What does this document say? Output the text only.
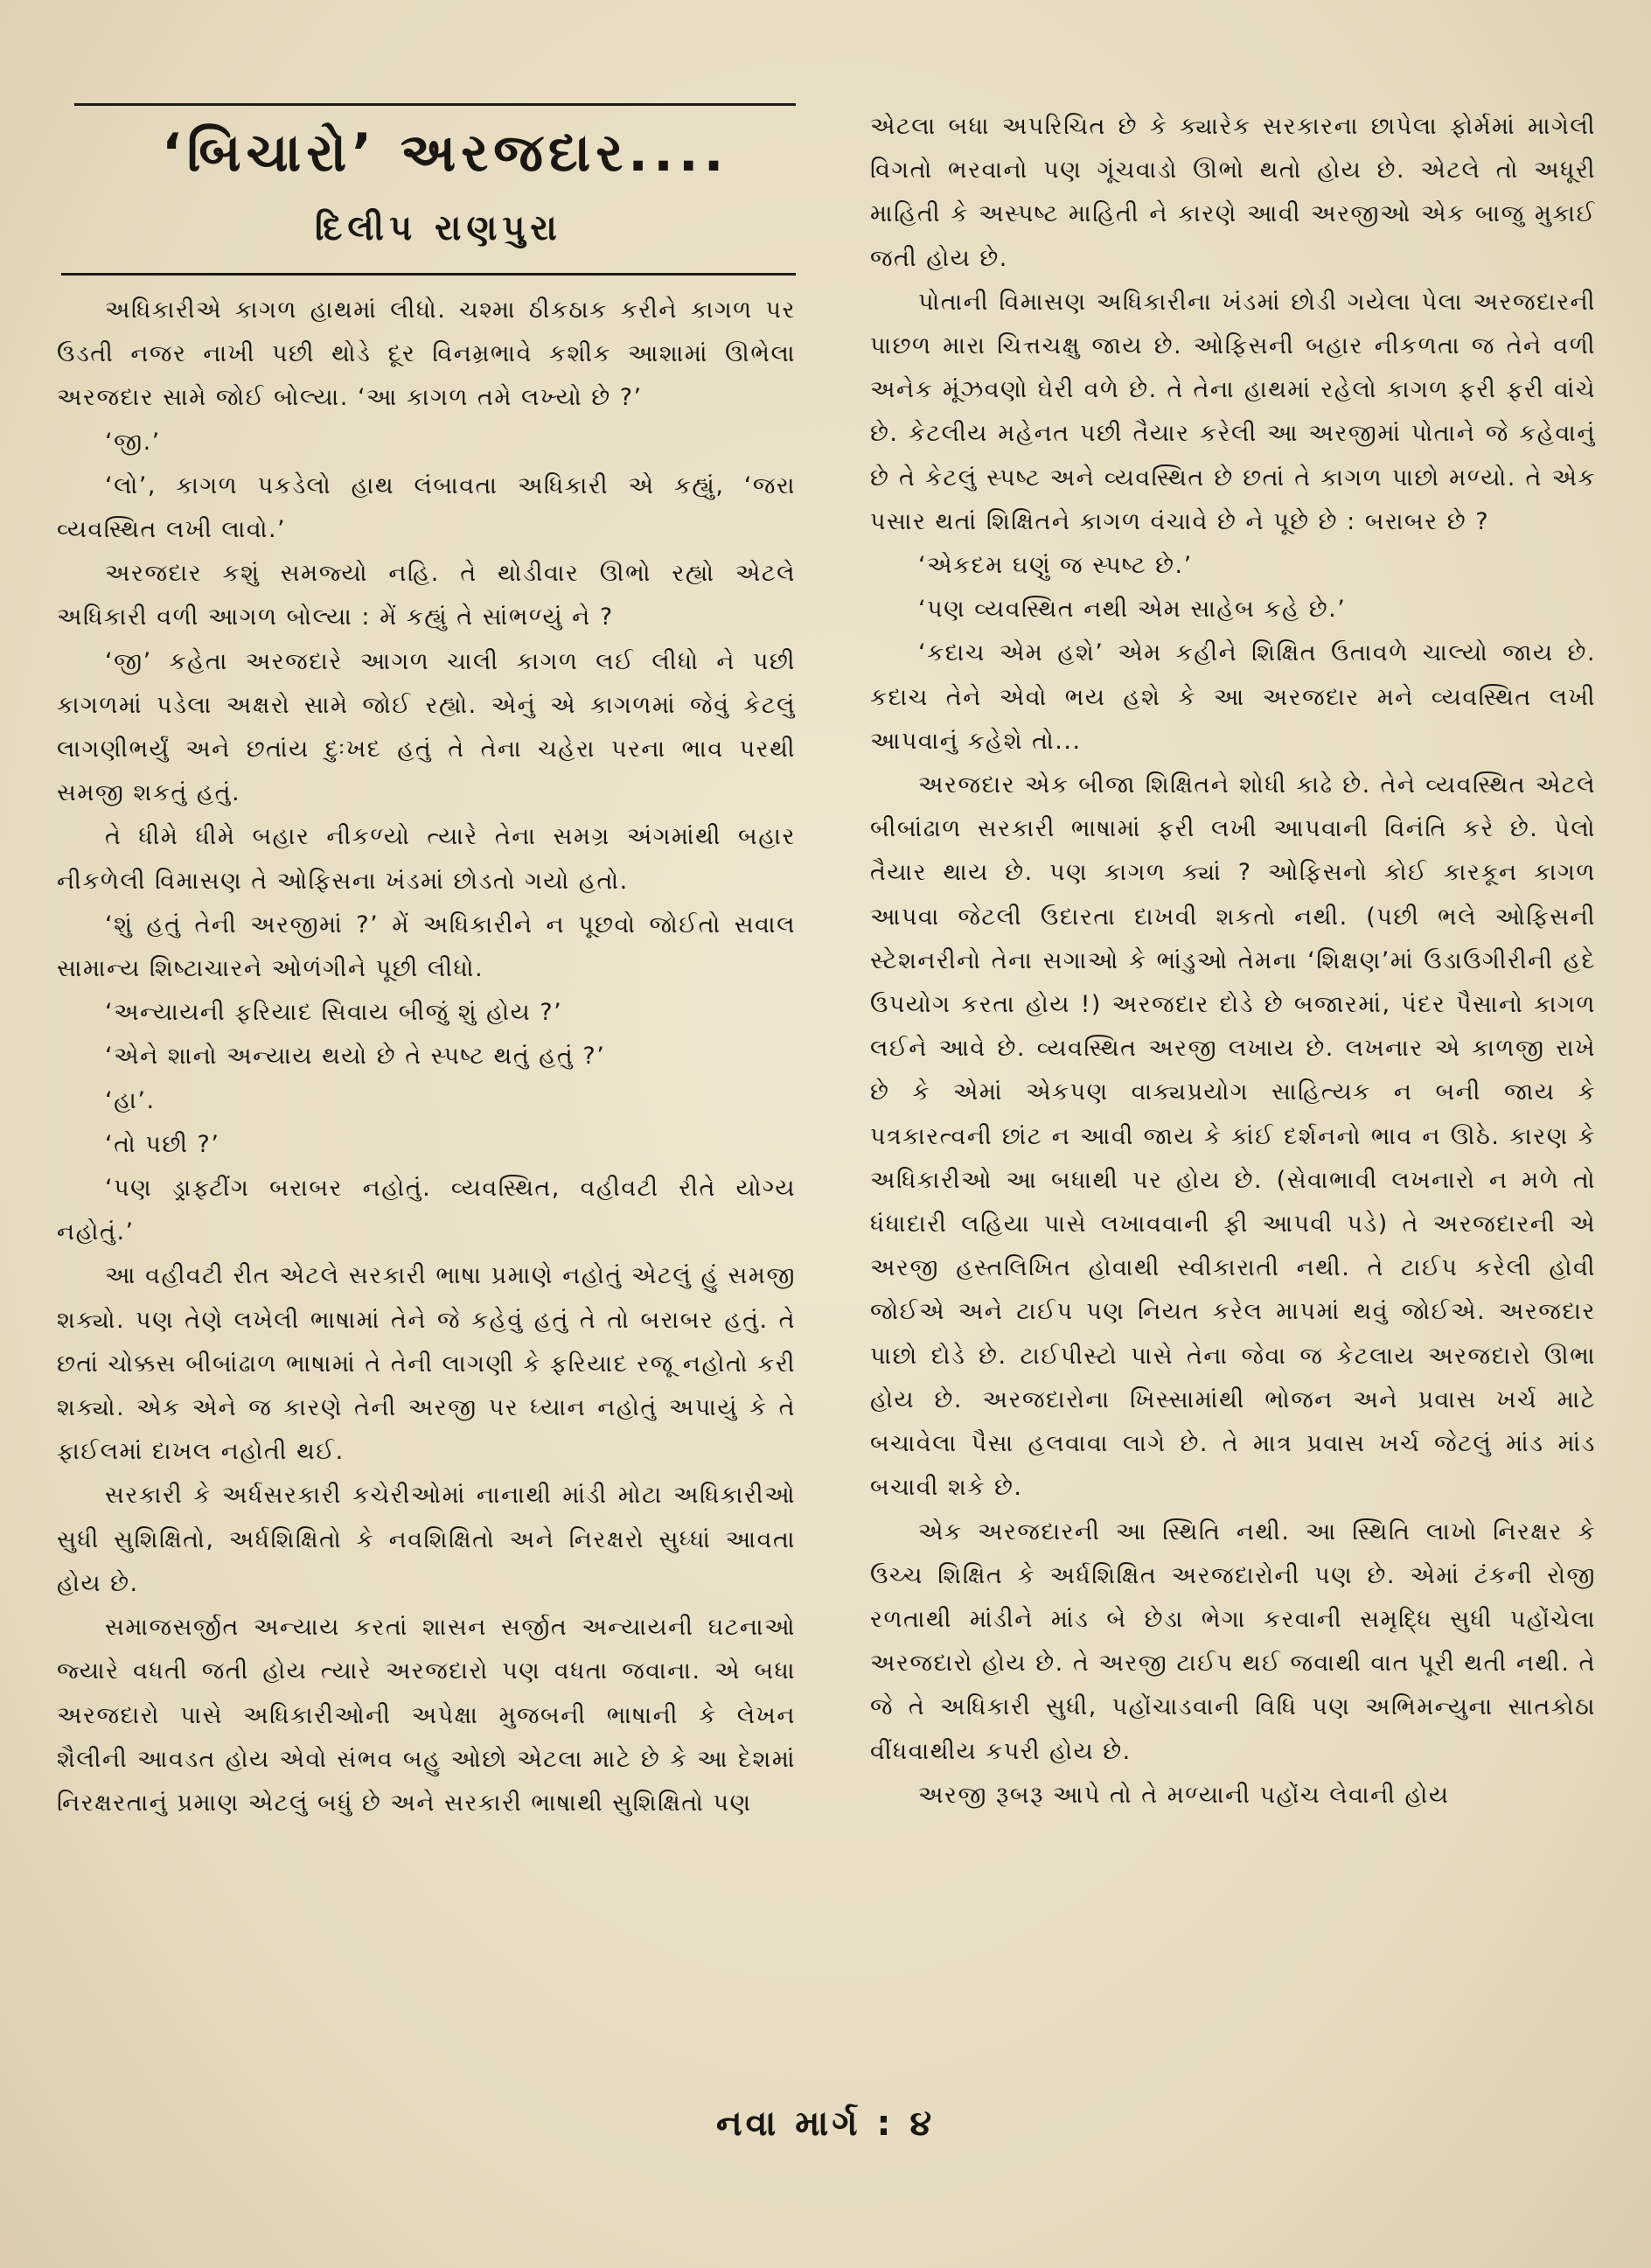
‘બિચારો’ અરજદાર....
દિલીપ રાણપુરા

અધિકારીએ કાગળ હાથમાં લીધો. ચશ્મા ઠીકઠાક કરીને કાગળ પર ઉડતી નજર નાખી પછી થોડે દૂર વિનમ્રભાવે કશીક આશામાં ઊભેલા અરજદાર સામે જોઈ બોલ્યા. ‘આ કાગળ તમે લખ્યો છે ?’

‘જી.’

‘લો’, કાગળ પકડેલો હાથ લંબાવતા અધિકારી એ કહ્યું, ‘જરા વ્યવસ્થિત લખી લાવો.’

અરજદાર કશું સમજ્યો નહિ. તે થોડીવાર ઊભો રહ્યો એટલે અધિકારી વળી આગળ બોલ્યા : મેં કહ્યું તે સાંભળ્યું ને ?

‘જી’ કહેતા અરજદારે આગળ ચાલી કાગળ લઈ લીધો ને પછી કાગળમાં પડેલા અક્ષરો સામે જોઈ રહ્યો. એનું એ કાગળમાં જેવું કેટલું લાગણીભર્યું અને છતાંય દુઃખદ હતું તે તેના ચહેરા પરના ભાવ પરથી સમજી શકતું હતું.

તે ધીમે ધીમે બહાર નીકળ્યો ત્યારે તેના સમગ્ર અંગમાંથી બહાર નીકળેલી વિમાસણ તે ઓફિસના ખંડમાં છોડતો ગયો હતો.

‘શું હતું તેની અરજીમાં ?’ મેં અધિકારીને ન પૂછવો જોઈતો સવાલ સામાન્ય શિષ્ટાચારને ઓળંગીને પૂછી લીધો.

‘અન્યાયની ફરિયાદ સિવાય બીજું શું હોય ?’

‘એને શાનો અન્યાય થયો છે તે સ્પષ્ટ થતું હતું ?’

‘હા’.

‘તો પછી ?’

‘પણ ડ્રાફ્ટીંગ બરાબર નહોતું. વ્યવસ્થિત, વહીવટી રીતે યોગ્ય નહોતું.’

આ વહીવટી રીત એટલે સરકારી ભાષા પ્રમાણે નહોતું એટલું હું સમજી શક્યો. પણ તેણે લખેલી ભાષામાં તેને જે કહેવું હતું તે તો બરાબર હતું. તે છતાં ચોક્કસ બીબાંઢાળ ભાષામાં તે તેની લાગણી કે ફરિયાદ રજૂ નહોતો કરી શક્યો. એક એને જ કારણે તેની અરજી પર ધ્યાન નહોતું અપાયું કે તે ફાઈલમાં દાખલ નહોતી થઈ.

સરકારી કે અર્ધસરકારી કચેરીઓમાં નાનાથી માંડી મોટા અધિકારીઓ સુધી સુશિક્ષિતો, અર્ધશિક્ષિતો કે નવશિક્ષિતો અને નિરક્ષરો સુધ્ધાં આવતા હોય છે.

સમાજસર્જીત અન્યાય કરતાં શાસન સર્જીત અન્યાયની ઘટનાઓ જ્યારે વધતી જતી હોય ત્યારે અરજદારો પણ વધતા જવાના. એ બધા અરજદારો પાસે અધિકારીઓની અપેક્ષા મુજબની ભાષાની કે લેખન શૈલીની આવડત હોય એવો સંભવ બહુ ઓછો એટલા માટે છે કે આ દેશમાં નિરક્ષરતાનું પ્રમાણ એટલું બધું છે અને સરકારી ભાષાથી સુશિક્ષિતો પણ

એટલા બધા અપરિચિત છે કે ક્યારેક સરકારના છાપેલા ફોર્મમાં માગેલી વિગતો ભરવાનો પણ ગૂંચવાડો ઊભો થતો હોય છે. એટલે તો અધૂરી માહિતી કે અસ્પષ્ટ માહિતી ને કારણે આવી અરજીઓ એક બાજુ મુકાઈ જતી હોય છે.

પોતાની વિમાસણ અધિકારીના ખંડમાં છોડી ગયેલા પેલા અરજદારની પાછળ મારા ચિત્તચક્ષુ જાય છે. ઓફિસની બહાર નીકળતા જ તેને વળી અનેક મૂંઝવણો ઘેરી વળે છે. તે તેના હાથમાં રહેલો કાગળ ફરી ફરી વાંચે છે. કેટલીય મહેનત પછી તૈયાર કરેલી આ અરજીમાં પોતાને જે કહેવાનું છે તે કેટલું સ્પષ્ટ અને વ્યવસ્થિત છે છતાં તે કાગળ પાછો મળ્યો. તે એક પસાર થતાં શિક્ષિતને કાગળ વંચાવે છે ને પૂછે છે : બરાબર છે ?

‘એકદમ ઘણું જ સ્પષ્ટ છે.’

‘પણ વ્યવસ્થિત નથી એમ સાહેબ કહે છે.’

‘કદાચ એમ હશે’ એમ કહીને શિક્ષિત ઉતાવળે ચાલ્યો જાય છે. કદાચ તેને એવો ભય હશે કે આ અરજદાર મને વ્યવસ્થિત લખી આપવાનું કહેશે તો...

અરજદાર એક બીજા શિક્ષિતને શોધી કાઢે છે. તેને વ્યવસ્થિત એટલે બીબાંઢાળ સરકારી ભાષામાં ફરી લખી આપવાની વિનંતિ કરે છે. પેલો તૈયાર થાય છે. પણ કાગળ ક્યાં ? ઓફિસનો કોઈ કારકૂન કાગળ આપવા જેટલી ઉદારતા દાખવી શકતો નથી. (પછી ભલે ઓફિસની સ્ટેશનરીનો તેના સગાઓ કે ભાંડુઓ તેમના ‘શિક્ષણ’માં ઉડાઉગીરીની હદે ઉપયોગ કરતા હોય !) અરજદાર દોડે છે બજારમાં, પંદર પૈસાનો કાગળ લઈને આવે છે. વ્યવસ્થિત અરજી લખાય છે. લખનાર એ કાળજી રાખે છે કે એમાં એકપણ વાક્યપ્રયોગ સાહિત્યક ન બની જાય કે પત્રકારત્વની છાંટ ન આવી જાય કે કાંઈ દર્શનનો ભાવ ન ઊઠે. કારણ કે અધિકારીઓ આ બધાથી પર હોય છે. (સેવાભાવી લખનારો ન મળે તો ધંધાદારી લહિયા પાસે લખાવવાની ફી આપવી પડે) તે અરજદારની એ અરજી હસ્તલિખિત હોવાથી સ્વીકારાતી નથી. તે ટાઈપ કરેલી હોવી જોઈએ અને ટાઈપ પણ નિયત કરેલ માપમાં થવું જોઈએ. અરજદાર પાછો દોડે છે. ટાઈપીસ્ટો પાસે તેના જેવા જ કેટલાય અરજદારો ઊભા હોય છે. અરજદારોના ખિસ્સામાંથી ભોજન અને પ્રવાસ ખર્ચ માટે બચાવેલા પૈસા હલવાવા લાગે છે. તે માત્ર પ્રવાસ ખર્ચ જેટલું માંડ માંડ બચાવી શકે છે.

એક અરજદારની આ સ્થિતિ નથી. આ સ્થિતિ લાખો નિરક્ષર કે ઉચ્ચ શિક્ષિત કે અર્ધશિક્ષિત અરજદારોની પણ છે. એમાં ટંકની રોજી રળતાથી માંડીને માંડ બે છેડા ભેગા કરવાની સમૃદ્ધિ સુધી પહોંચેલા અરજદારો હોય છે. તે અરજી ટાઈપ થઈ જવાથી વાત પૂરી થતી નથી. તે જે તે અધિકારી સુધી, પહોંચાડવાની વિધિ પણ અભિમન્યુના સાતકોઠા વીંધવાથીય કપરી હોય છે.

અરજી રૂબરૂ આપે તો તે મળ્યાની પહોંચ લેવાની હોય

નવા માર્ગ : ૪
